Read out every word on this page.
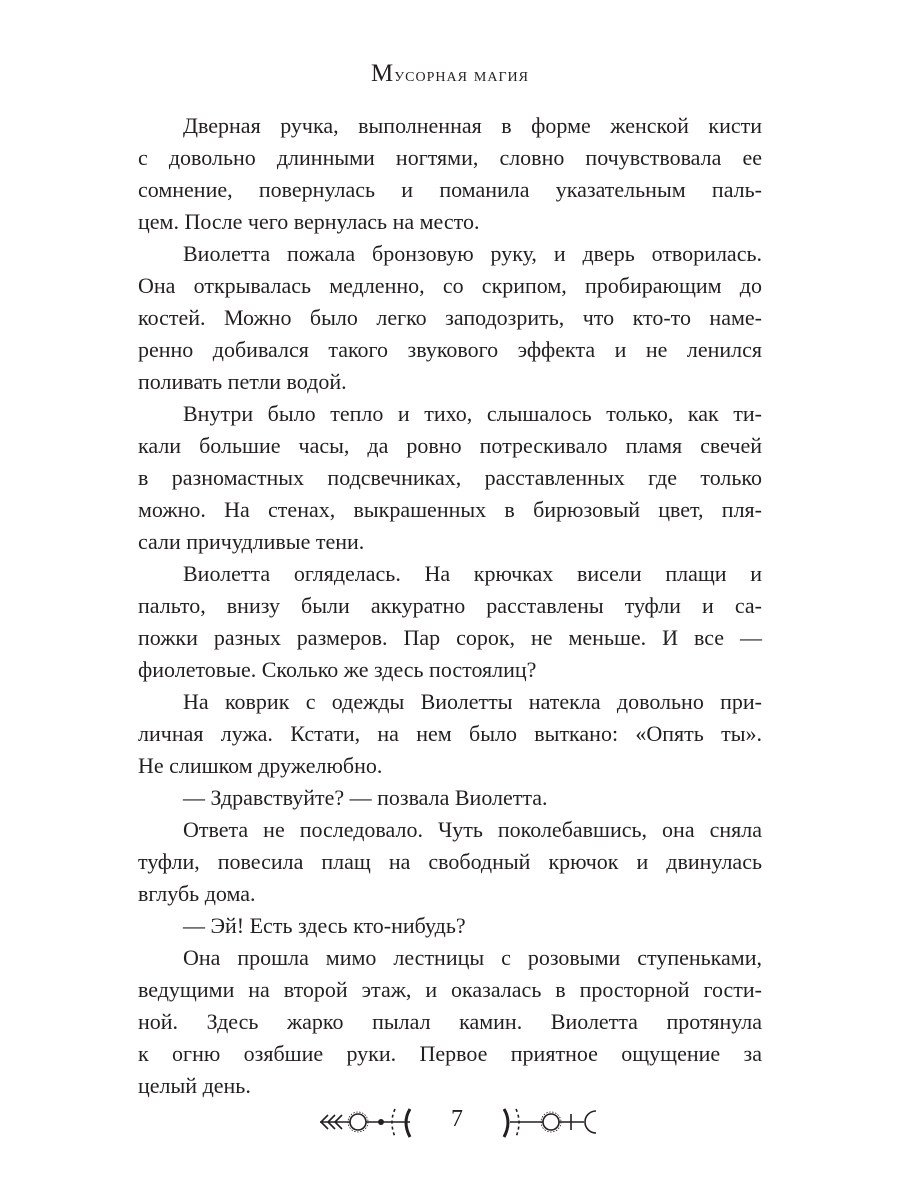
Мусорная магия
Дверная ручка, выполненная в форме женской кисти
с довольно длинными ногтями, словно почувствовала ее
сомнение, повернулась и поманила указательным паль-
цем. После чего вернулась на место.
Виолетта пожала бронзовую руку, и дверь отворилась.
Она открывалась медленно, со скрипом, пробирающим до
костей. Можно было легко заподозрить, что кто-то наме-
ренно добивался такого звукового эффекта и не ленился
поливать петли водой.
Внутри было тепло и тихо, слышалось только, как ти-
кали большие часы, да ровно потрескивало пламя свечей
в разномастных подсвечниках, расставленных где только
можно. На стенах, выкрашенных в бирюзовый цвет, пля-
сали причудливые тени.
Виолетта огляделась. На крючках висели плащи и
пальто, внизу были аккуратно расставлены туфли и са-
пожки разных размеров. Пар сорок, не меньше. И все —
фиолетовые. Сколько же здесь постоялиц?
На коврик с одежды Виолетты натекла довольно при-
личная лужа. Кстати, на нем было выткано: «Опять ты».
Не слишком дружелюбно.
— Здравствуйте? — позвала Виолетта.
Ответа не последовало. Чуть поколебавшись, она сняла
туфли, повесила плащ на свободный крючок и двинулась
вглубь дома.
— Эй! Есть здесь кто-нибудь?
Она прошла мимо лестницы с розовыми ступеньками,
ведущими на второй этаж, и оказалась в просторной гости-
ной. Здесь жарко пылал камин. Виолетта протянула
к огню озябшие руки. Первое приятное ощущение за
целый день.
7
